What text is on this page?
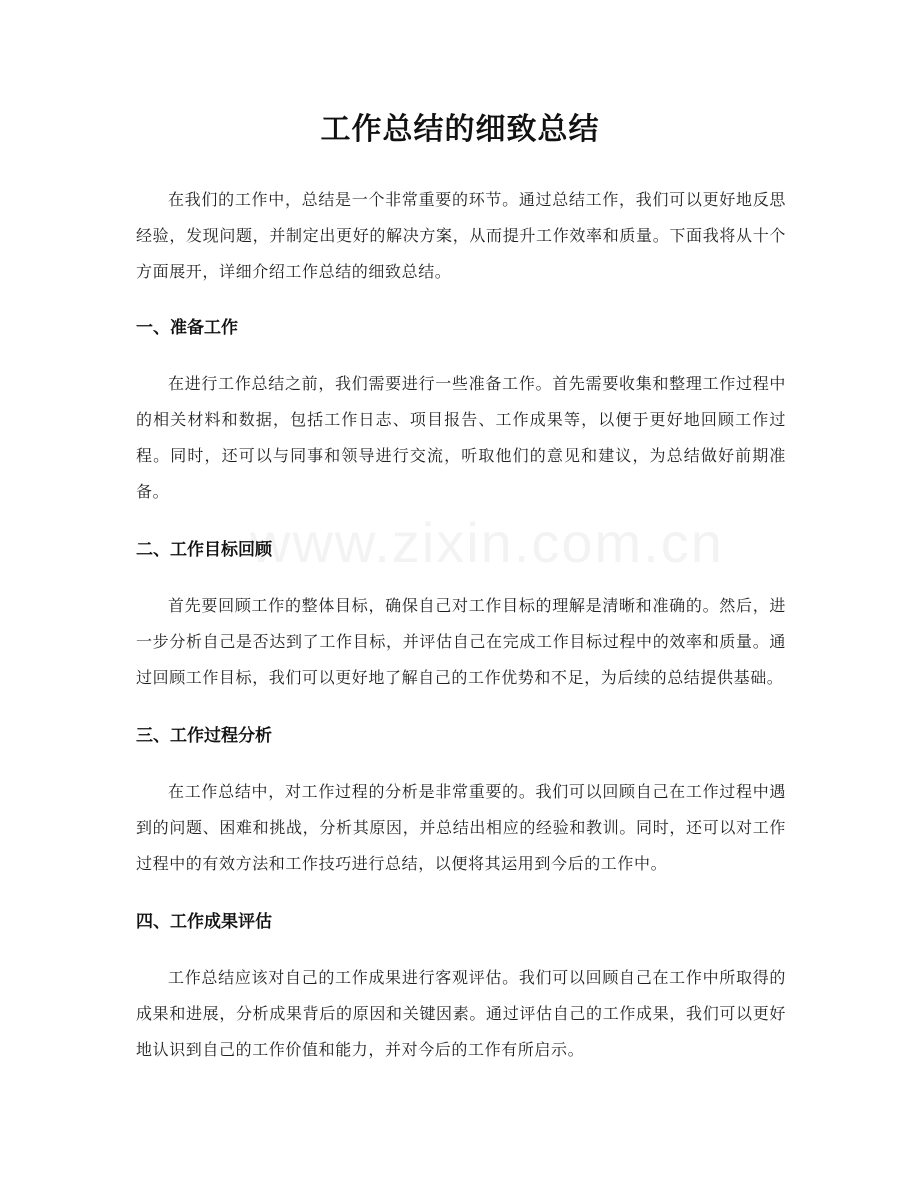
www.zixin.com.cn
工作总结的细致总结

在我们的工作中，总结是一个非常重要的环节。通过总结工作，我们可以更好地反思经验，发现问题，并制定出更好的解决方案，从而提升工作效率和质量。下面我将从十个方面展开，详细介绍工作总结的细致总结。

一、准备工作

在进行工作总结之前，我们需要进行一些准备工作。首先需要收集和整理工作过程中的相关材料和数据，包括工作日志、项目报告、工作成果等，以便于更好地回顾工作过程。同时，还可以与同事和领导进行交流，听取他们的意见和建议，为总结做好前期准备。

二、工作目标回顾

首先要回顾工作的整体目标，确保自己对工作目标的理解是清晰和准确的。然后，进一步分析自己是否达到了工作目标，并评估自己在完成工作目标过程中的效率和质量。通过回顾工作目标，我们可以更好地了解自己的工作优势和不足，为后续的总结提供基础。

三、工作过程分析

在工作总结中，对工作过程的分析是非常重要的。我们可以回顾自己在工作过程中遇到的问题、困难和挑战，分析其原因，并总结出相应的经验和教训。同时，还可以对工作过程中的有效方法和工作技巧进行总结，以便将其运用到今后的工作中。

四、工作成果评估

工作总结应该对自己的工作成果进行客观评估。我们可以回顾自己在工作中所取得的成果和进展，分析成果背后的原因和关键因素。通过评估自己的工作成果，我们可以更好地认识到自己的工作价值和能力，并对今后的工作有所启示。
